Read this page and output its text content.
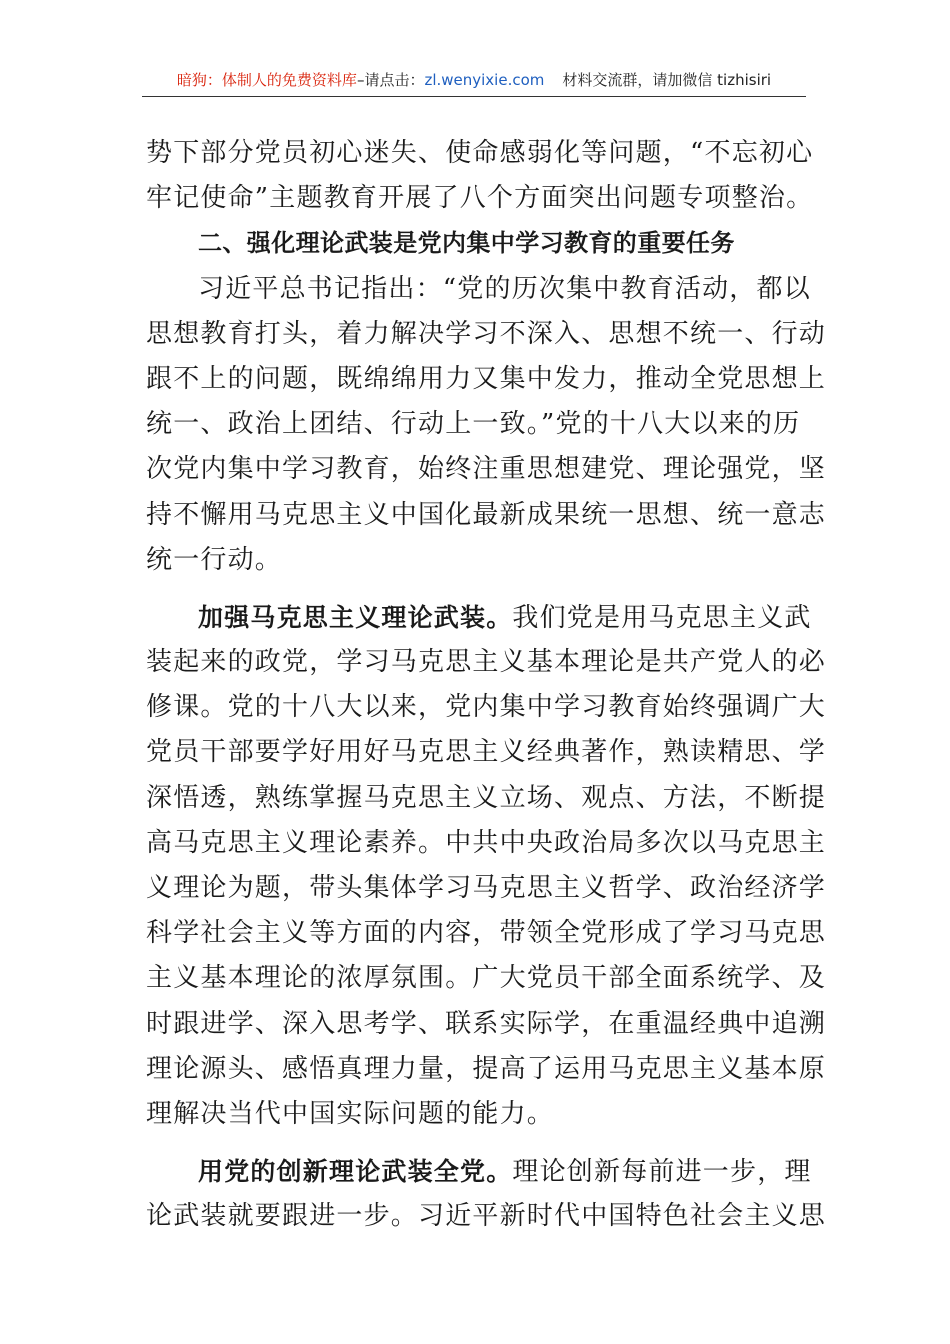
暗狗：体制人的免费资料库–请点击：zl.wenyixie.com 材料交流群，请加微信 tizhisiri
势下部分党员初心迷失、使命感弱化等问题，“不忘初心
牢记使命”主题教育开展了八个方面突出问题专项整治。
二、强化理论武装是党内集中学习教育的重要任务
习近平总书记指出：“党的历次集中教育活动，都以
思想教育打头，着力解决学习不深入、思想不统一、行动
跟不上的问题，既绵绵用力又集中发力，推动全党思想上
统一、政治上团结、行动上一致。”党的十八大以来的历
次党内集中学习教育，始终注重思想建党、理论强党，坚
持不懈用马克思主义中国化最新成果统一思想、统一意志
统一行动。
加强马克思主义理论武装。我们党是用马克思主义武
装起来的政党，学习马克思主义基本理论是共产党人的必
修课。党的十八大以来，党内集中学习教育始终强调广大
党员干部要学好用好马克思主义经典著作，熟读精思、学
深悟透，熟练掌握马克思主义立场、观点、方法，不断提
高马克思主义理论素养。中共中央政治局多次以马克思主
义理论为题，带头集体学习马克思主义哲学、政治经济学
科学社会主义等方面的内容，带领全党形成了学习马克思
主义基本理论的浓厚氛围。广大党员干部全面系统学、及
时跟进学、深入思考学、联系实际学，在重温经典中追溯
理论源头、感悟真理力量，提高了运用马克思主义基本原
理解决当代中国实际问题的能力。
用党的创新理论武装全党。理论创新每前进一步，理
论武装就要跟进一步。习近平新时代中国特色社会主义思
